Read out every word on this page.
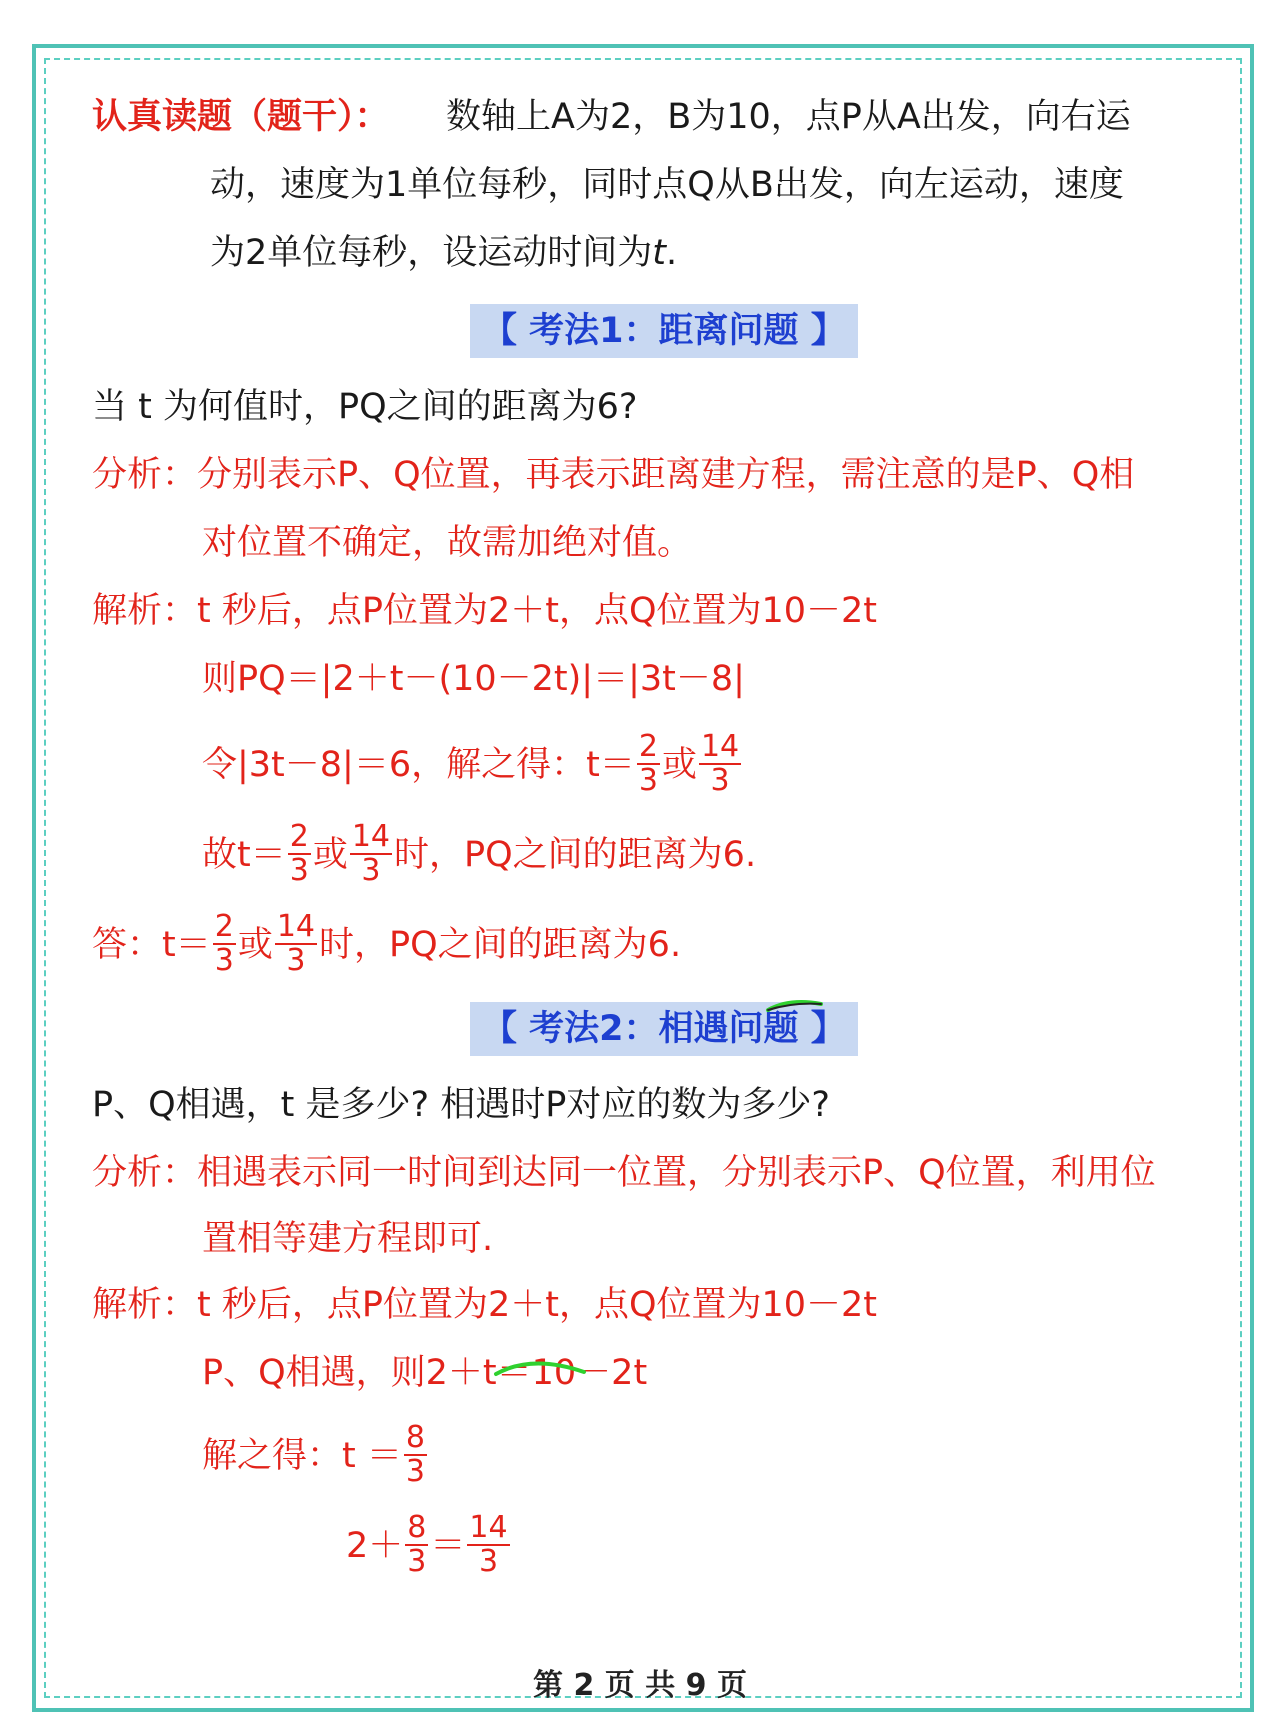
认真读题（题干）： 数轴上A为2，B为10，点P从A出发，向右运
动，速度为1单位每秒，同时点Q从B出发，向左运动，速度
为2单位每秒，设运动时间为t.
【 考法1：距离问题 】
当 t 为何值时，PQ之间的距离为6?
分析：分别表示P、Q位置，再表示距离建方程，需注意的是P、Q相
对位置不确定，故需加绝对值。
解析：t 秒后，点P位置为2＋t，点Q位置为10－2t
则PQ＝|2＋t－(10－2t)|＝|3t－8|
令|3t－8|＝6，解之得：$t= \frac{2}{3}$ 或 $\frac{14}{3}$
故$t= \frac{2}{3}$ 或 $\frac{14}{3}$ 时，PQ之间的距离为6.
答：$t= \frac{2}{3}$ 或 $\frac{14}{3}$ 时，PQ之间的距离为6.
【 考法2：相遇问题 】
P、Q相遇，t 是多少? 相遇时P对应的数为多少?
分析：相遇表示同一时间到达同一位置，分别表示P、Q位置，利用位
置相等建方程即可.
解析：t 秒后，点P位置为2＋t，点Q位置为10－2t
P、Q相遇，则2＋t＝10－2t
解之得：$t = \frac{8}{3}$
$2+ \frac{8}{3} = \frac{14}{3}$
第 2 页 共 9 页
